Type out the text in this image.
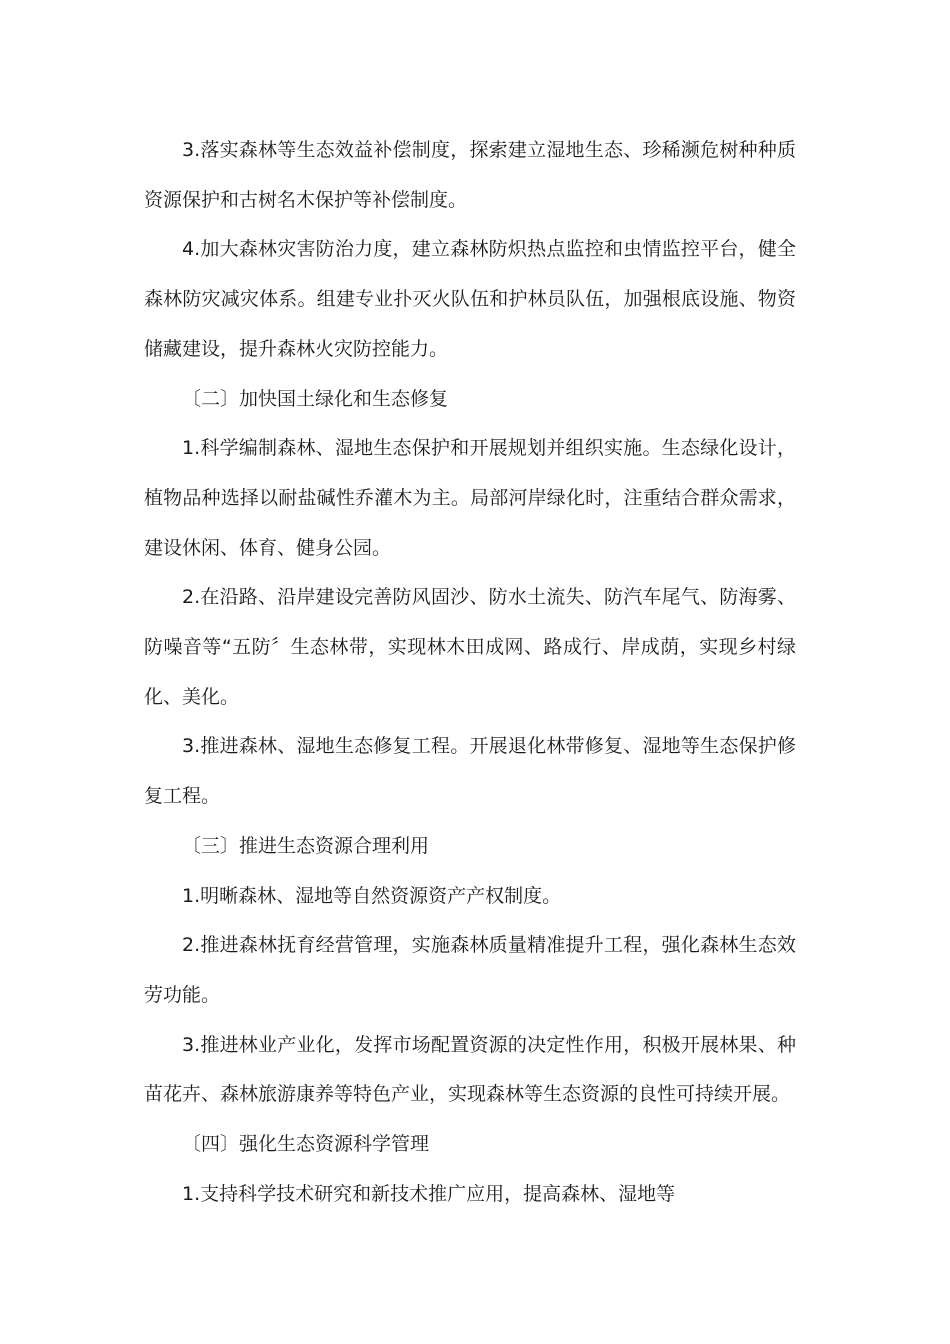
3.落实森林等生态效益补偿制度，探索建立湿地生态、珍稀濒危树种种质资源保护和古树名木保护等补偿制度。

4.加大森林灾害防治力度，建立森林防炽热点监控和虫情监控平台，健全森林防灾减灾体系。组建专业扑灭火队伍和护林员队伍，加强根底设施、物资储藏建设，提升森林火灾防控能力。

〔二〕加快国土绿化和生态修复

1.科学编制森林、湿地生态保护和开展规划并组织实施。生态绿化设计，植物品种选择以耐盐碱性乔灌木为主。局部河岸绿化时，注重结合群众需求，建设休闲、体育、健身公园。

2.在沿路、沿岸建设完善防风固沙、防水土流失、防汽车尾气、防海雾、防噪音等“五防〞生态林带，实现林木田成网、路成行、岸成荫，实现乡村绿化、美化。

3.推进森林、湿地生态修复工程。开展退化林带修复、湿地等生态保护修复工程。

〔三〕推进生态资源合理利用

1.明晰森林、湿地等自然资源资产产权制度。

2.推进森林抚育经营管理，实施森林质量精准提升工程，强化森林生态效劳功能。

3.推进林业产业化，发挥市场配置资源的决定性作用，积极开展林果、种苗花卉、森林旅游康养等特色产业，实现森林等生态资源的良性可持续开展。

〔四〕强化生态资源科学管理

1.支持科学技术研究和新技术推广应用，提高森林、湿地等
